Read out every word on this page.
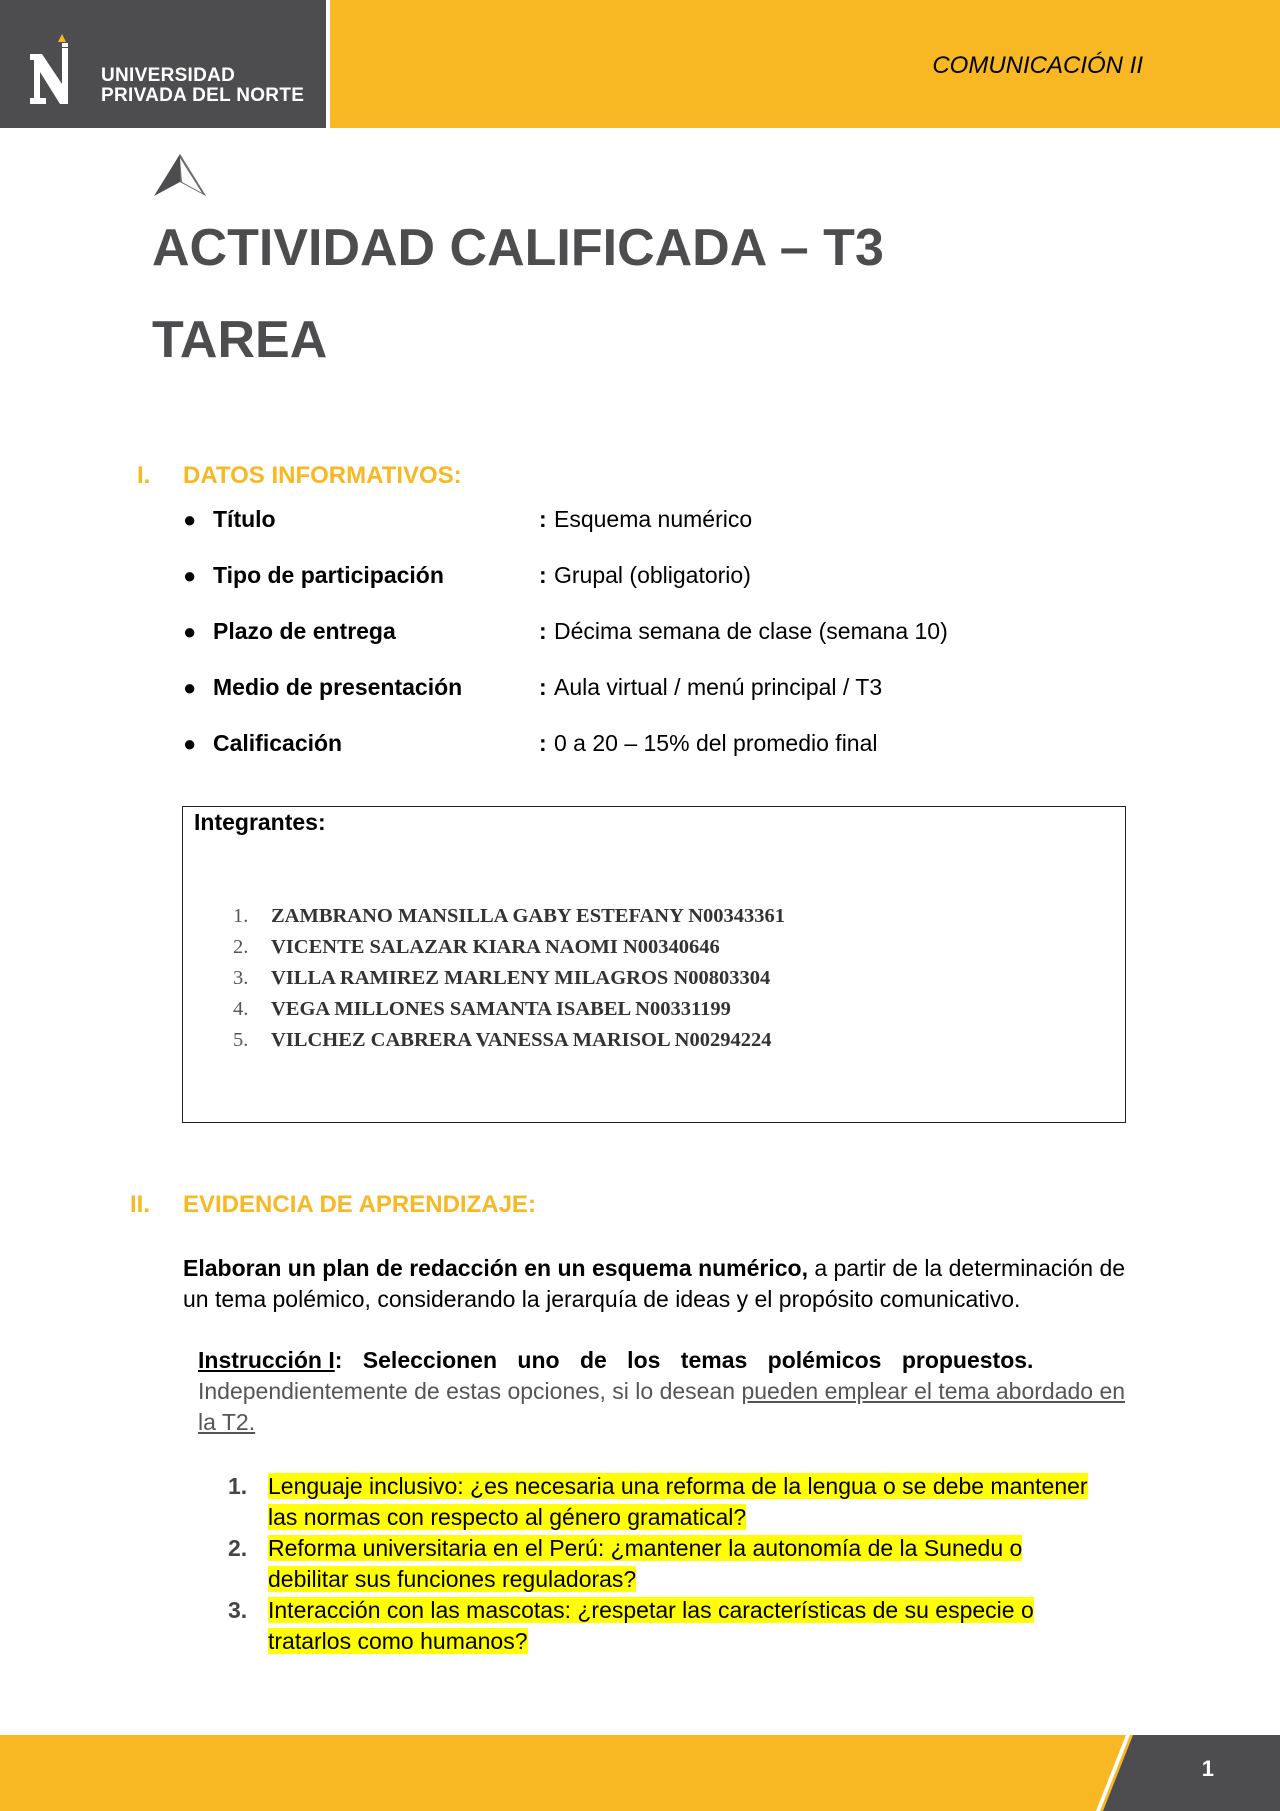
UNIVERSIDAD
PRIVADA DEL NORTE
COMUNICACIÓN II
ACTIVIDAD CALIFICADA – T3
TAREA
I. DATOS INFORMATIVOS:
● Título	: Esquema numérico
● Tipo de participación	: Grupal (obligatorio)
● Plazo de entrega	: Décima semana de clase (semana 10)
● Medio de presentación	: Aula virtual / menú principal / T3
● Calificación	: 0 a 20 – 15% del promedio final
Integrantes:
1. ZAMBRANO MANSILLA GABY ESTEFANY N00343361
2. VICENTE SALAZAR KIARA NAOMI N00340646
3. VILLA RAMIREZ MARLENY MILAGROS N00803304
4. VEGA MILLONES SAMANTA ISABEL N00331199
5. VILCHEZ CABRERA VANESSA MARISOL N00294224
II. EVIDENCIA DE APRENDIZAJE:

Elaboran un plan de redacción en un esquema numérico, a partir de la determinación de un tema polémico, considerando la jerarquía de ideas y el propósito comunicativo.

Instrucción I: Seleccionen uno de los temas polémicos propuestos. Independientemente de estas opciones, si lo desean pueden emplear el tema abordado en la T2.

1. Lenguaje inclusivo: ¿es necesaria una reforma de la lengua o se debe mantener las normas con respecto al género gramatical?
2. Reforma universitaria en el Perú: ¿mantener la autonomía de la Sunedu o debilitar sus funciones reguladoras?
3. Interacción con las mascotas: ¿respetar las características de su especie o tratarlos como humanos?
1
